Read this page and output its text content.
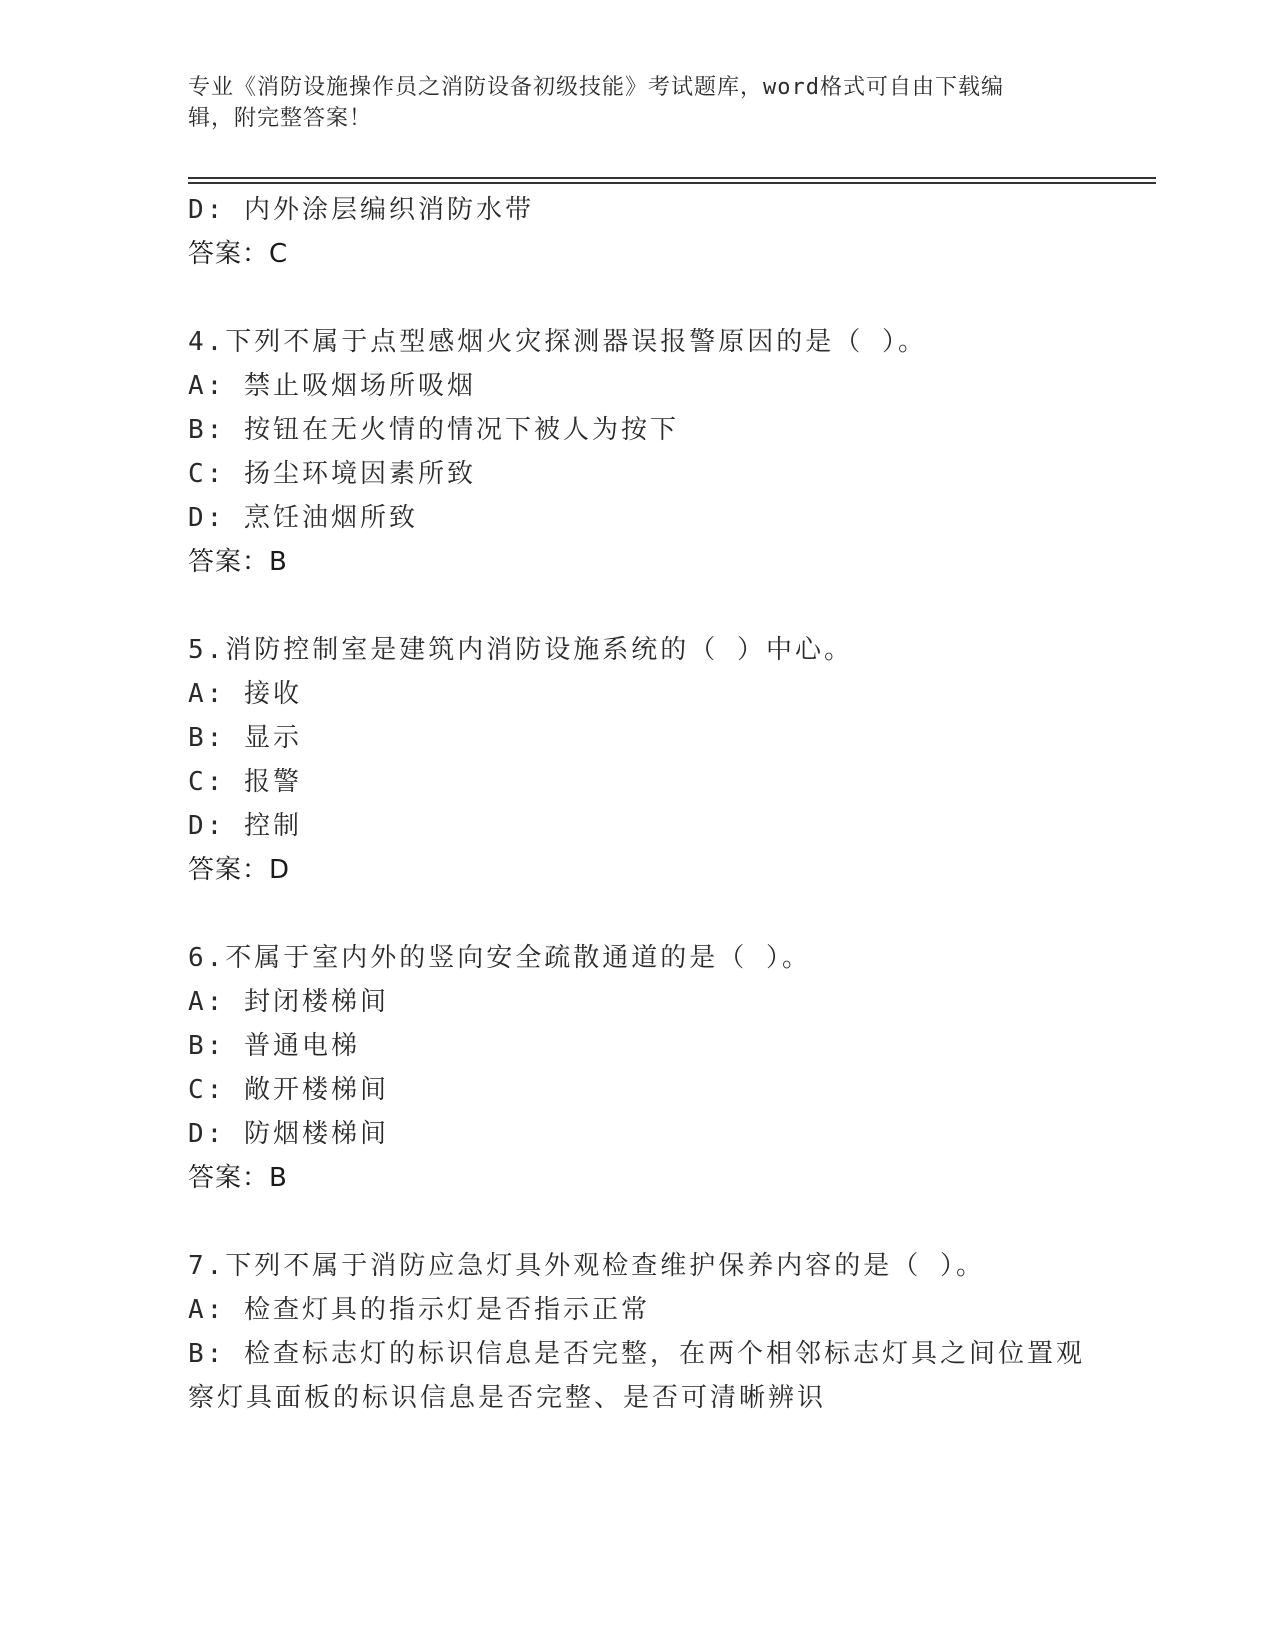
专业《消防设施操作员之消防设备初级技能》考试题库，word格式可自由下载编
辑，附完整答案！
D: 内外涂层编织消防水带
答案：C
4.下列不属于点型感烟火灾探测器误报警原因的是（ ）。
A: 禁止吸烟场所吸烟
B: 按钮在无火情的情况下被人为按下
C: 扬尘环境因素所致
D: 烹饪油烟所致
答案：B
5.消防控制室是建筑内消防设施系统的（ ）中心。
A: 接收
B: 显示
C: 报警
D: 控制
答案：D
6.不属于室内外的竖向安全疏散通道的是（ ）。
A: 封闭楼梯间
B: 普通电梯
C: 敞开楼梯间
D: 防烟楼梯间
答案：B
7.下列不属于消防应急灯具外观检查维护保养内容的是（ ）。
A: 检查灯具的指示灯是否指示正常
B: 检查标志灯的标识信息是否完整，在两个相邻标志灯具之间位置观
察灯具面板的标识信息是否完整、是否可清晰辨识
